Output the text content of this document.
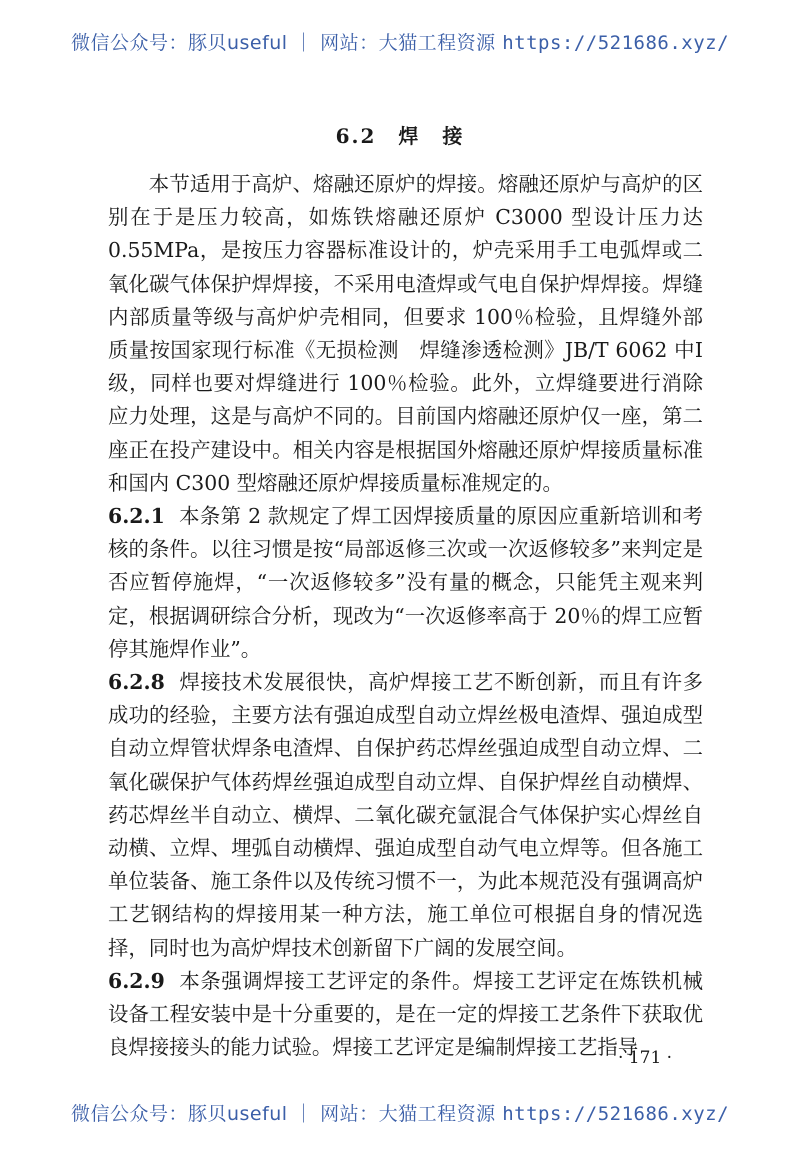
微信公众号：豚贝useful ｜ 网站：大猫工程资源 https://521686.xyz/
6.2 焊 接

本节适用于高炉、熔融还原炉的焊接。熔融还原炉与高炉的区别在于是压力较高，如炼铁熔融还原炉 C3000 型设计压力达 0.55MPa，是按压力容器标准设计的，炉壳采用手工电弧焊或二氧化碳气体保护焊焊接，不采用电渣焊或气电自保护焊焊接。焊缝内部质量等级与高炉炉壳相同，但要求 100％检验，且焊缝外部质量按国家现行标准《无损检测　焊缝渗透检测》JB/T 6062 中Ⅰ级，同样也要对焊缝进行 100％检验。此外，立焊缝要进行消除应力处理，这是与高炉不同的。目前国内熔融还原炉仅一座，第二座正在投产建设中。相关内容是根据国外熔融还原炉焊接质量标准和国内 C300 型熔融还原炉焊接质量标准规定的。

6.2.1 本条第 2 款规定了焊工因焊接质量的原因应重新培训和考核的条件。以往习惯是按“局部返修三次或一次返修较多”来判定是否应暂停施焊，“一次返修较多”没有量的概念，只能凭主观来判定，根据调研综合分析，现改为“一次返修率高于 20％的焊工应暂停其施焊作业”。

6.2.8 焊接技术发展很快，高炉焊接工艺不断创新，而且有许多成功的经验，主要方法有强迫成型自动立焊丝极电渣焊、强迫成型自动立焊管状焊条电渣焊、自保护药芯焊丝强迫成型自动立焊、二氧化碳保护气体药焊丝强迫成型自动立焊、自保护焊丝自动横焊、药芯焊丝半自动立、横焊、二氧化碳充氩混合气体保护实心焊丝自动横、立焊、埋弧自动横焊、强迫成型自动气电立焊等。但各施工单位装备、施工条件以及传统习惯不一，为此本规范没有强调高炉工艺钢结构的焊接用某一种方法，施工单位可根据自身的情况选择，同时也为高炉焊技术创新留下广阔的发展空间。

6.2.9 本条强调焊接工艺评定的条件。焊接工艺评定在炼铁机械设备工程安装中是十分重要的，是在一定的焊接工艺条件下获取优良焊接接头的能力试验。焊接工艺评定是编制焊接工艺指导

· 171 ·
微信公众号：豚贝useful ｜ 网站：大猫工程资源 https://521686.xyz/
